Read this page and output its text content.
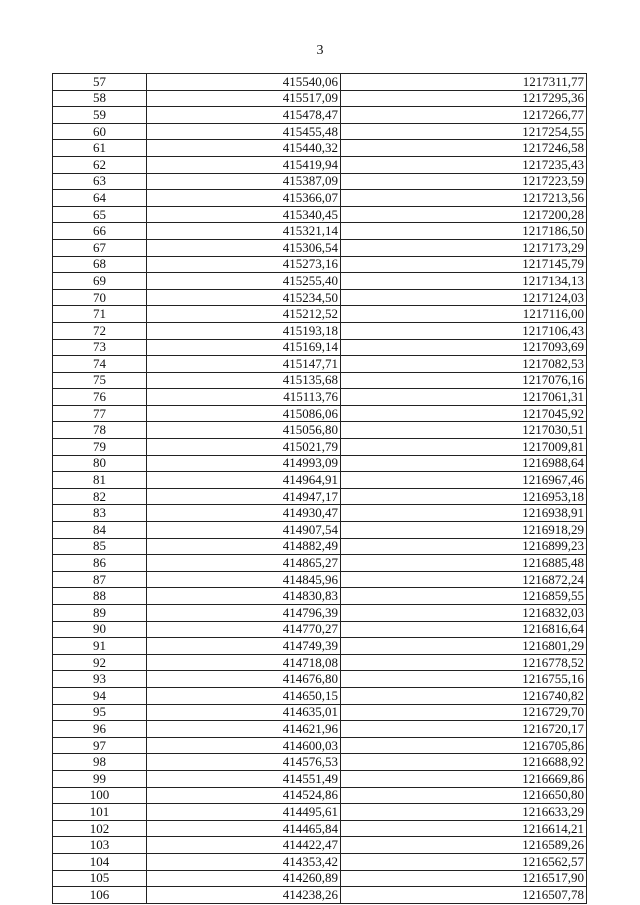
3
57	415540,06	1217311,77
58	415517,09	1217295,36
59	415478,47	1217266,77
60	415455,48	1217254,55
61	415440,32	1217246,58
62	415419,94	1217235,43
63	415387,09	1217223,59
64	415366,07	1217213,56
65	415340,45	1217200,28
66	415321,14	1217186,50
67	415306,54	1217173,29
68	415273,16	1217145,79
69	415255,40	1217134,13
70	415234,50	1217124,03
71	415212,52	1217116,00
72	415193,18	1217106,43
73	415169,14	1217093,69
74	415147,71	1217082,53
75	415135,68	1217076,16
76	415113,76	1217061,31
77	415086,06	1217045,92
78	415056,80	1217030,51
79	415021,79	1217009,81
80	414993,09	1216988,64
81	414964,91	1216967,46
82	414947,17	1216953,18
83	414930,47	1216938,91
84	414907,54	1216918,29
85	414882,49	1216899,23
86	414865,27	1216885,48
87	414845,96	1216872,24
88	414830,83	1216859,55
89	414796,39	1216832,03
90	414770,27	1216816,64
91	414749,39	1216801,29
92	414718,08	1216778,52
93	414676,80	1216755,16
94	414650,15	1216740,82
95	414635,01	1216729,70
96	414621,96	1216720,17
97	414600,03	1216705,86
98	414576,53	1216688,92
99	414551,49	1216669,86
100	414524,86	1216650,80
101	414495,61	1216633,29
102	414465,84	1216614,21
103	414422,47	1216589,26
104	414353,42	1216562,57
105	414260,89	1216517,90
106	414238,26	1216507,78
